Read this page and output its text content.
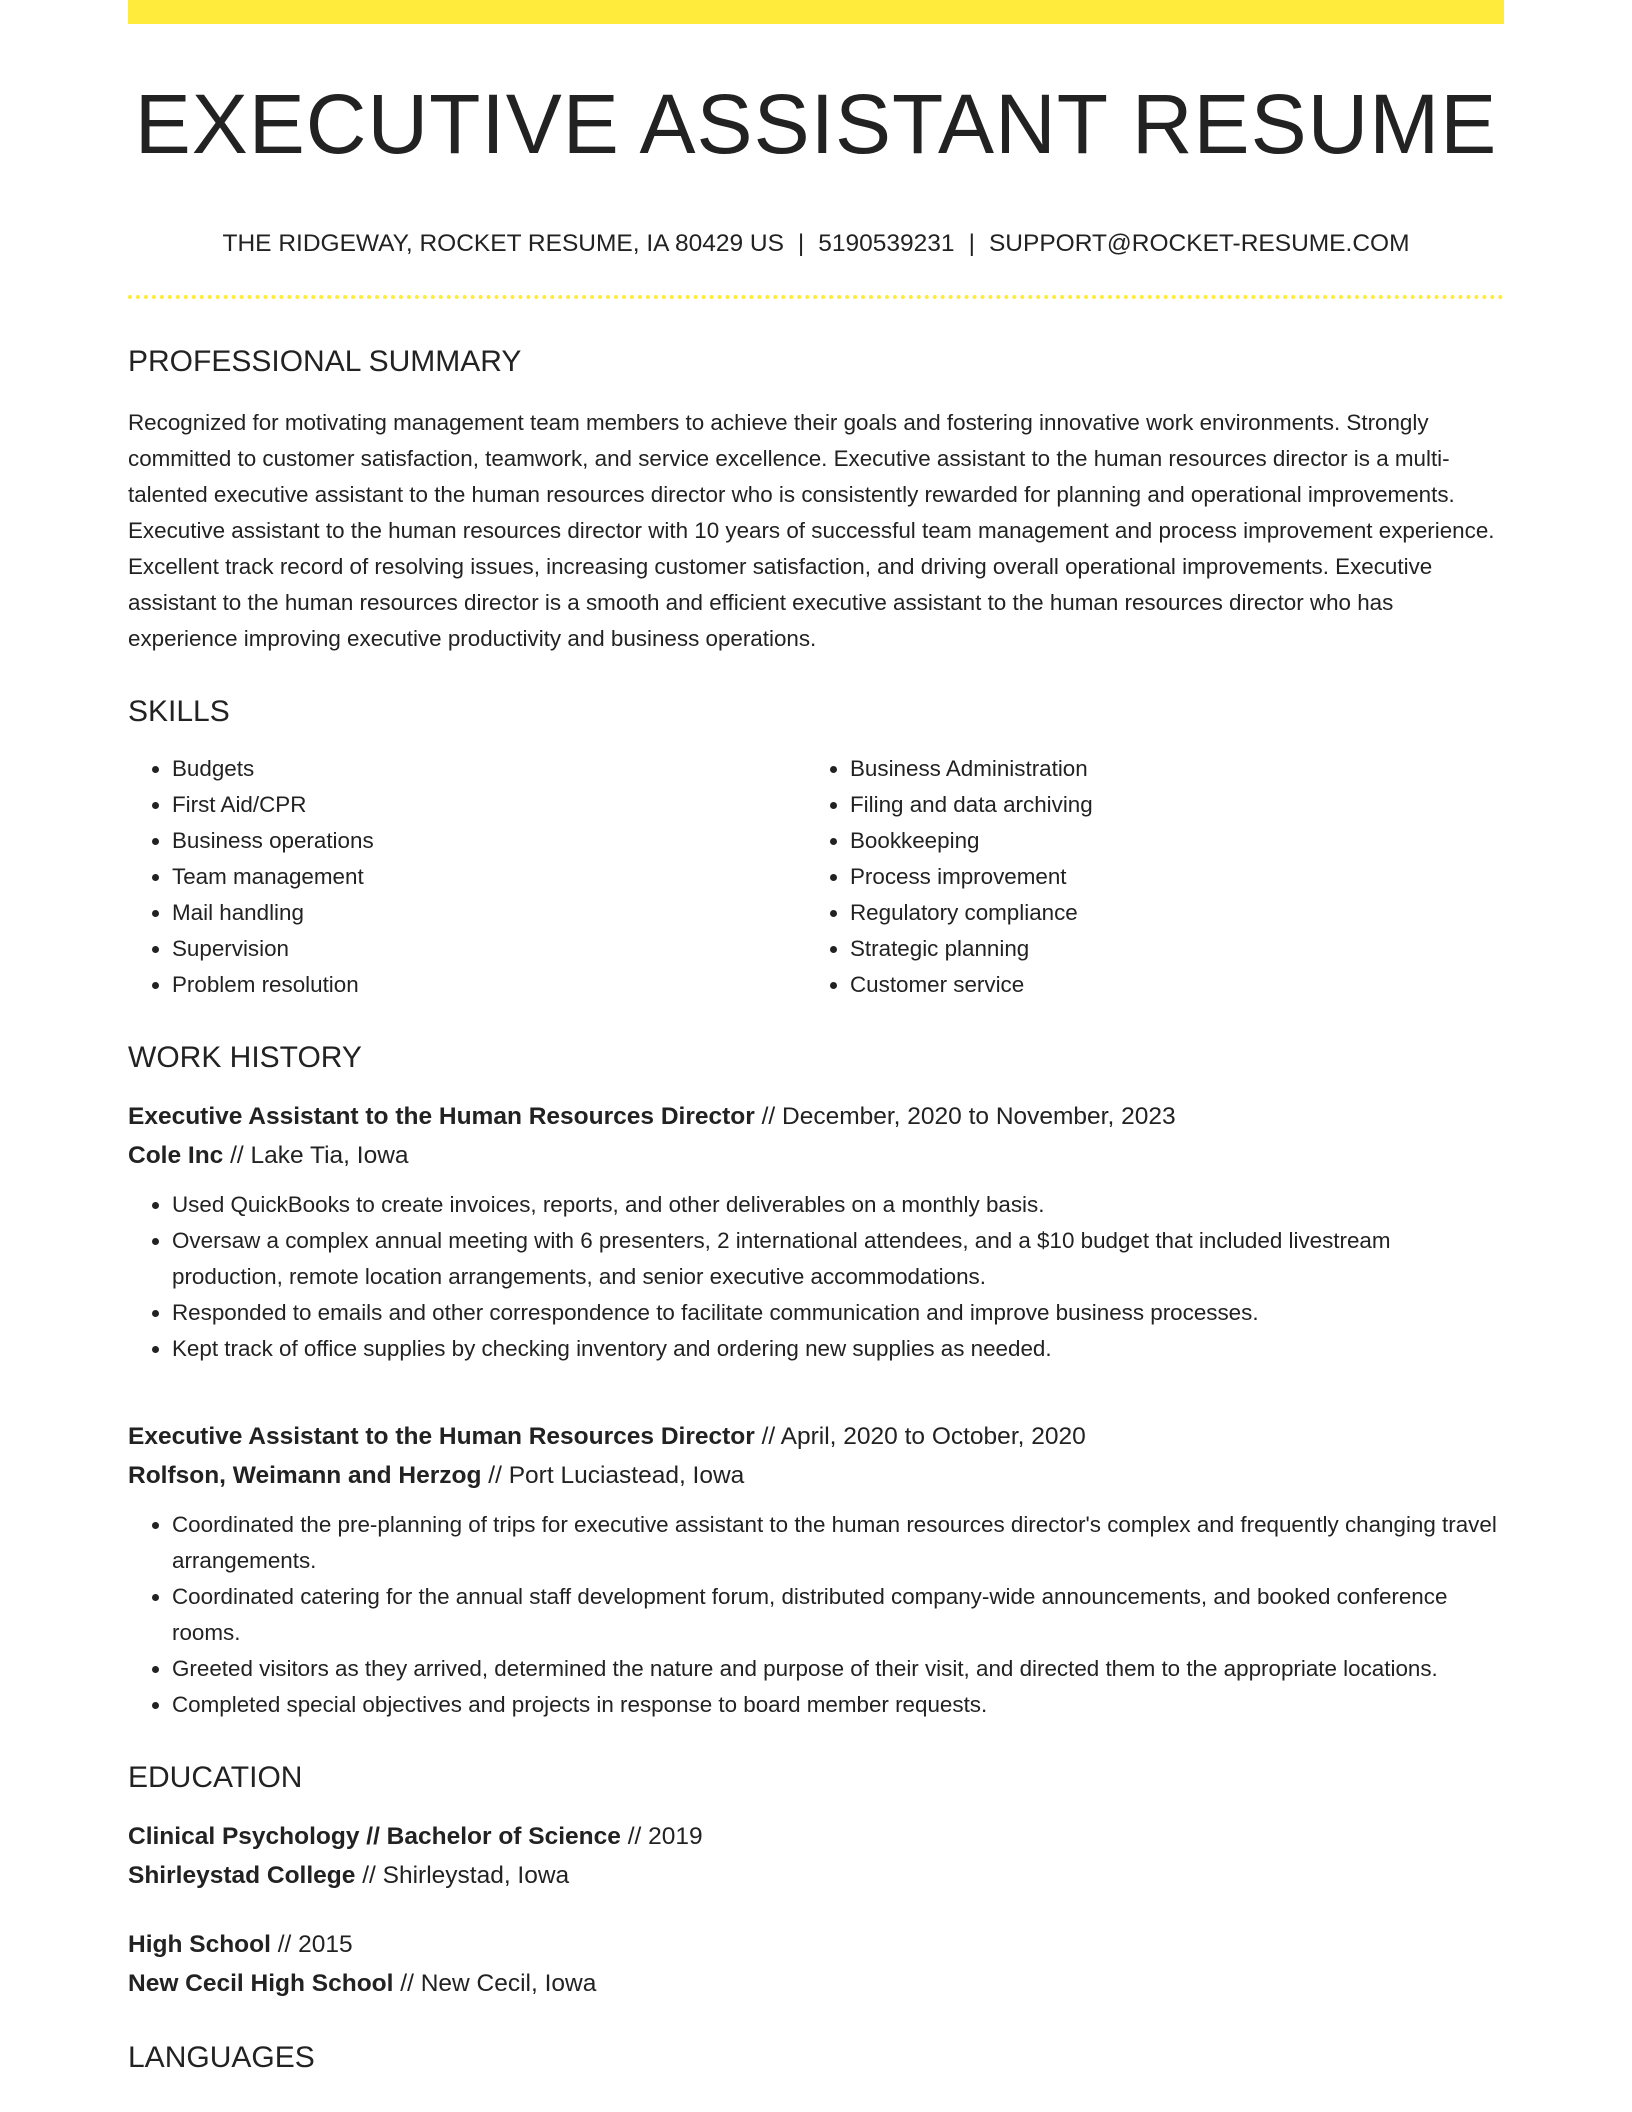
EXECUTIVE ASSISTANT RESUME
THE RIDGEWAY, ROCKET RESUME, IA 80429 US | 5190539231 | SUPPORT@ROCKET-RESUME.COM
PROFESSIONAL SUMMARY

Recognized for motivating management team members to achieve their goals and fostering innovative work environments. Strongly committed to customer satisfaction, teamwork, and service excellence. Executive assistant to the human resources director is a multi-talented executive assistant to the human resources director who is consistently rewarded for planning and operational improvements. Executive assistant to the human resources director with 10 years of successful team management and process improvement experience. Excellent track record of resolving issues, increasing customer satisfaction, and driving overall operational improvements. Executive assistant to the human resources director is a smooth and efficient executive assistant to the human resources director who has experience improving executive productivity and business operations.

SKILLS
• Budgets
• First Aid/CPR
• Business operations
• Team management
• Mail handling
• Supervision
• Problem resolution
• Business Administration
• Filing and data archiving
• Bookkeeping
• Process improvement
• Regulatory compliance
• Strategic planning
• Customer service
WORK HISTORY
Executive Assistant to the Human Resources Director // December, 2020 to November, 2023
Cole Inc // Lake Tia, Iowa
• Used QuickBooks to create invoices, reports, and other deliverables on a monthly basis.
• Oversaw a complex annual meeting with 6 presenters, 2 international attendees, and a $10 budget that included livestream production, remote location arrangements, and senior executive accommodations.
• Responded to emails and other correspondence to facilitate communication and improve business processes.
• Kept track of office supplies by checking inventory and ordering new supplies as needed.
Executive Assistant to the Human Resources Director // April, 2020 to October, 2020
Rolfson, Weimann and Herzog // Port Luciastead, Iowa
• Coordinated the pre-planning of trips for executive assistant to the human resources director's complex and frequently changing travel arrangements.
• Coordinated catering for the annual staff development forum, distributed company-wide announcements, and booked conference rooms.
• Greeted visitors as they arrived, determined the nature and purpose of their visit, and directed them to the appropriate locations.
• Completed special objectives and projects in response to board member requests.
EDUCATION
Clinical Psychology // Bachelor of Science // 2019
Shirleystad College // Shirleystad, Iowa
High School // 2015
New Cecil High School // New Cecil, Iowa
LANGUAGES
